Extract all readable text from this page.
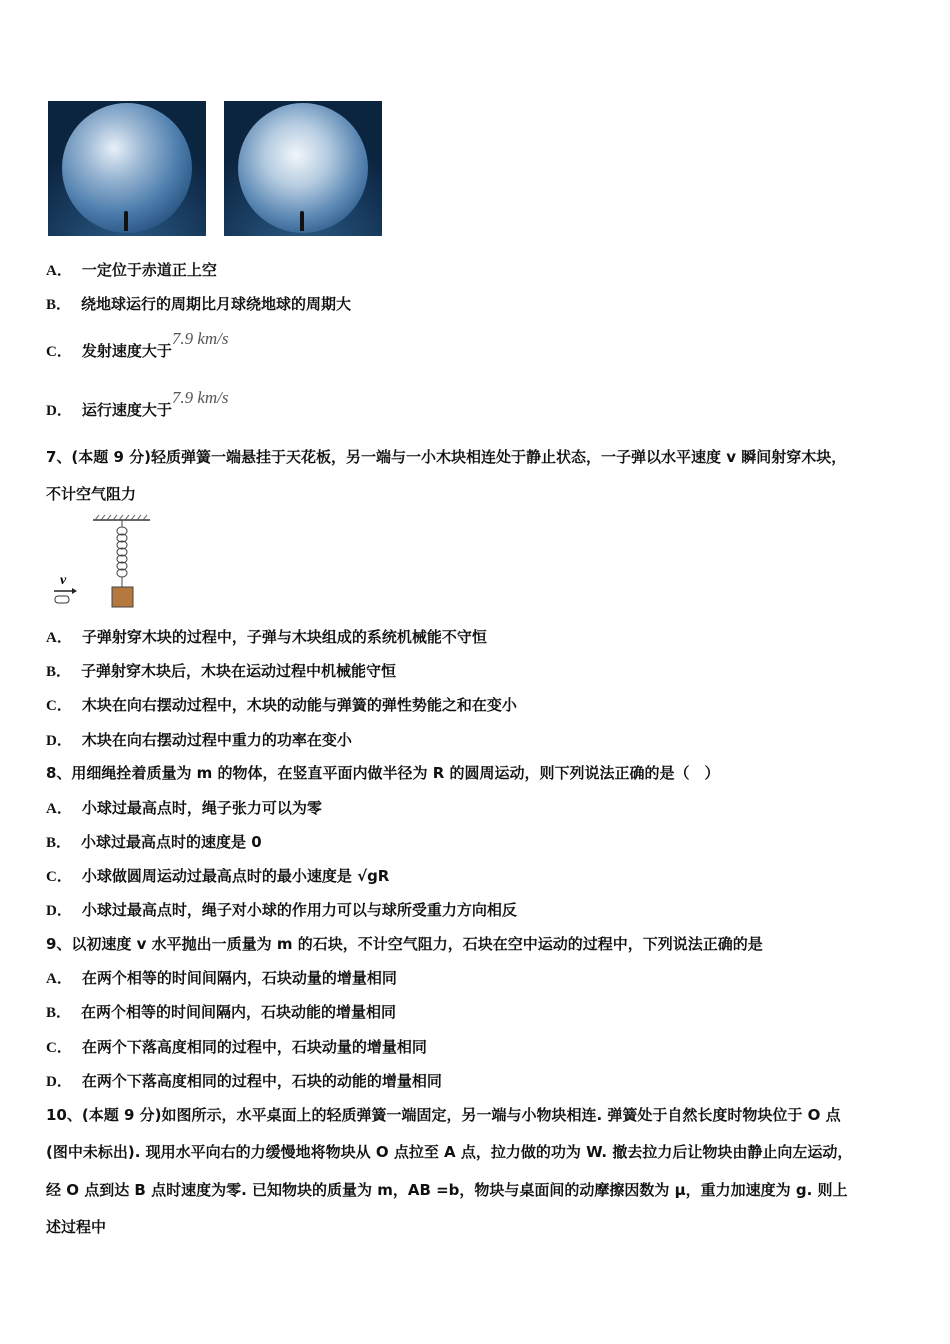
A． 一定位于赤道正上空
B． 绕地球运行的周期比月球绕地球的周期大
C． 发射速度大于7.9 km/s
D． 运行速度大于7.9 km/s
7、(本题 9 分)轻质弹簧一端悬挂于天花板，另一端与一小木块相连处于静止状态，一子弹以水平速度 v 瞬间射穿木块，
不计空气阻力
v
A． 子弹射穿木块的过程中，子弹与木块组成的系统机械能不守恒
B． 子弹射穿木块后，木块在运动过程中机械能守恒
C． 木块在向右摆动过程中，木块的动能与弹簧的弹性势能之和在变小
D． 木块在向右摆动过程中重力的功率在变小
8、用细绳拴着质量为 m 的物体，在竖直平面内做半径为 R 的圆周运动，则下列说法正确的是（　）
A． 小球过最高点时，绳子张力可以为零
B． 小球过最高点时的速度是 0
C． 小球做圆周运动过最高点时的最小速度是 √gR
D． 小球过最高点时，绳子对小球的作用力可以与球所受重力方向相反
9、以初速度 v 水平抛出一质量为 m 的石块，不计空气阻力，石块在空中运动的过程中，下列说法正确的是
A． 在两个相等的时间间隔内，石块动量的增量相同
B． 在两个相等的时间间隔内，石块动能的增量相同
C． 在两个下落高度相同的过程中，石块动量的增量相同
D． 在两个下落高度相同的过程中，石块的动能的增量相同
10、(本题 9 分)如图所示，水平桌面上的轻质弹簧一端固定，另一端与小物块相连. 弹簧处于自然长度时物块位于 O 点
(图中未标出). 现用水平向右的力缓慢地将物块从 O 点拉至 A 点，拉力做的功为 W. 撤去拉力后让物块由静止向左运动，
经 O 点到达 B 点时速度为零. 已知物块的质量为 m，AB =b，物块与桌面间的动摩擦因数为 μ，重力加速度为 g. 则上
述过程中
